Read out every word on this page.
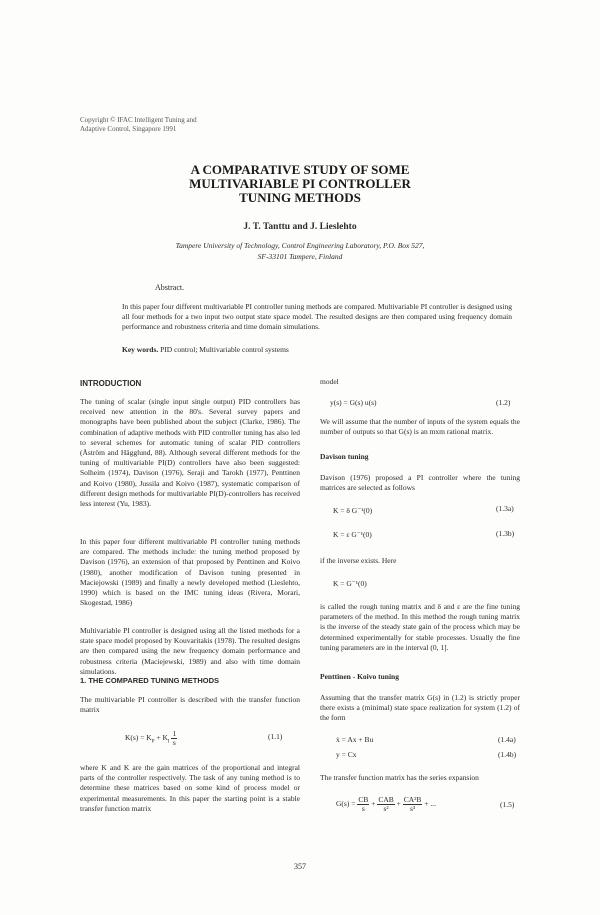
Copyright © IFAC Intelligent Tuning and
Adaptive Control, Singapore 1991
A COMPARATIVE STUDY OF SOME
MULTIVARIABLE PI CONTROLLER
TUNING METHODS
J. T. Tanttu and J. Lieslehto
Tampere University of Technology, Control Engineering Laboratory, P.O. Box 527,
SF-33101 Tampere, Finland
Abstract.
In this paper four different multivariable PI controller tuning methods are compared. Multivariable PI controller is designed using all four methods for a two input two output state space model. The resulted designs are then compared using frequency domain performance and robustness criteria and time domain simulations.
Key words. PID control; Multivariable control systems
INTRODUCTION
The tuning of scalar (single input single output) PID controllers has received new attention in the 80's. Several survey papers and monographs have been published about the subject (Clarke, 1986). The combination of adaptive methods with PID controller tuning has also led to several schemes for automatic tuning of scalar PID controllers (Åström and Hägglund, 88). Although several different methods for the tuning of multivariable PI(D) controllers have also been suggested: Solheim (1974), Davison (1976), Seraji and Tarokh (1977), Penttinen and Koivo (1980), Jussila and Koivo (1987), systematic comparison of different design methods for multivariable PI(D)-controllers has received less interest (Yu, 1983).
In this paper four different multivariable PI controller tuning methods are compared. The methods include: the tuning method proposed by Davison (1976), an extension of that proposed by Penttinen and Koivo (1980), another modification of Davison tuning presented in Maciejowski (1989) and finally a newly developed method (Lieslehto, 1990) which is based on the IMC tuning ideas (Rivera, Morari, Skogestad, 1986)
Multivariable PI controller is designed using all the listed methods for a state space model proposed by Kouvaritakis (1978). The resulted designs are then compared using the new frequency domain performance and robustness criteria (Maciejewski, 1989) and also with time domain simulations.
1. THE COMPARED TUNING METHODS
The multivariable PI controller is described with the transfer function matrix
$K(s) = K_P + K_I \frac{1}{s}$	(1.1)
where K and K are the gain matrices of the proportional and integral parts of the controller respectively. The task of any tuning method is to determine these matrices based on some kind of process model or experimental measurements. In this paper the starting point is a stable transfer function matrix
model
y(s) = G(s) u(s)	(1.2)
We will assume that the number of inputs of the system equals the number of outputs so that G(s) is an mxm rational matrix.
Davison tuning
Davison (1976) proposed a PI controller where the tuning matrices are selected as follows
K = δ G⁻¹(0)	(1.3a)
K = ε G⁻¹(0)	(1.3b)
if the inverse exists. Here
K = G⁻¹(0)
is called the rough tuning matrix and δ and ε are the fine tuning parameters of the method. In this method the rough tuning matrix is the inverse of the steady state gain of the process which may be determined experimentally for stable processes. Usually the fine tuning parameters are in the interval (0, 1].
Penttinen - Koivo tuning
Assuming that the transfer matrix G(s) in (1.2) is strictly proper there exists a (minimal) state space realization for system (1.2) of the form
ẋ = Ax + Bu	(1.4a)
y = Cx	(1.4b)
The transfer function matrix has the series expansion
$G(s) = \frac{CB}{s} + \frac{\text{CAB}}{\text{s²}} + \frac{\text{CA²B}}{\text{s³}}$ + ...	(1.5)
357
